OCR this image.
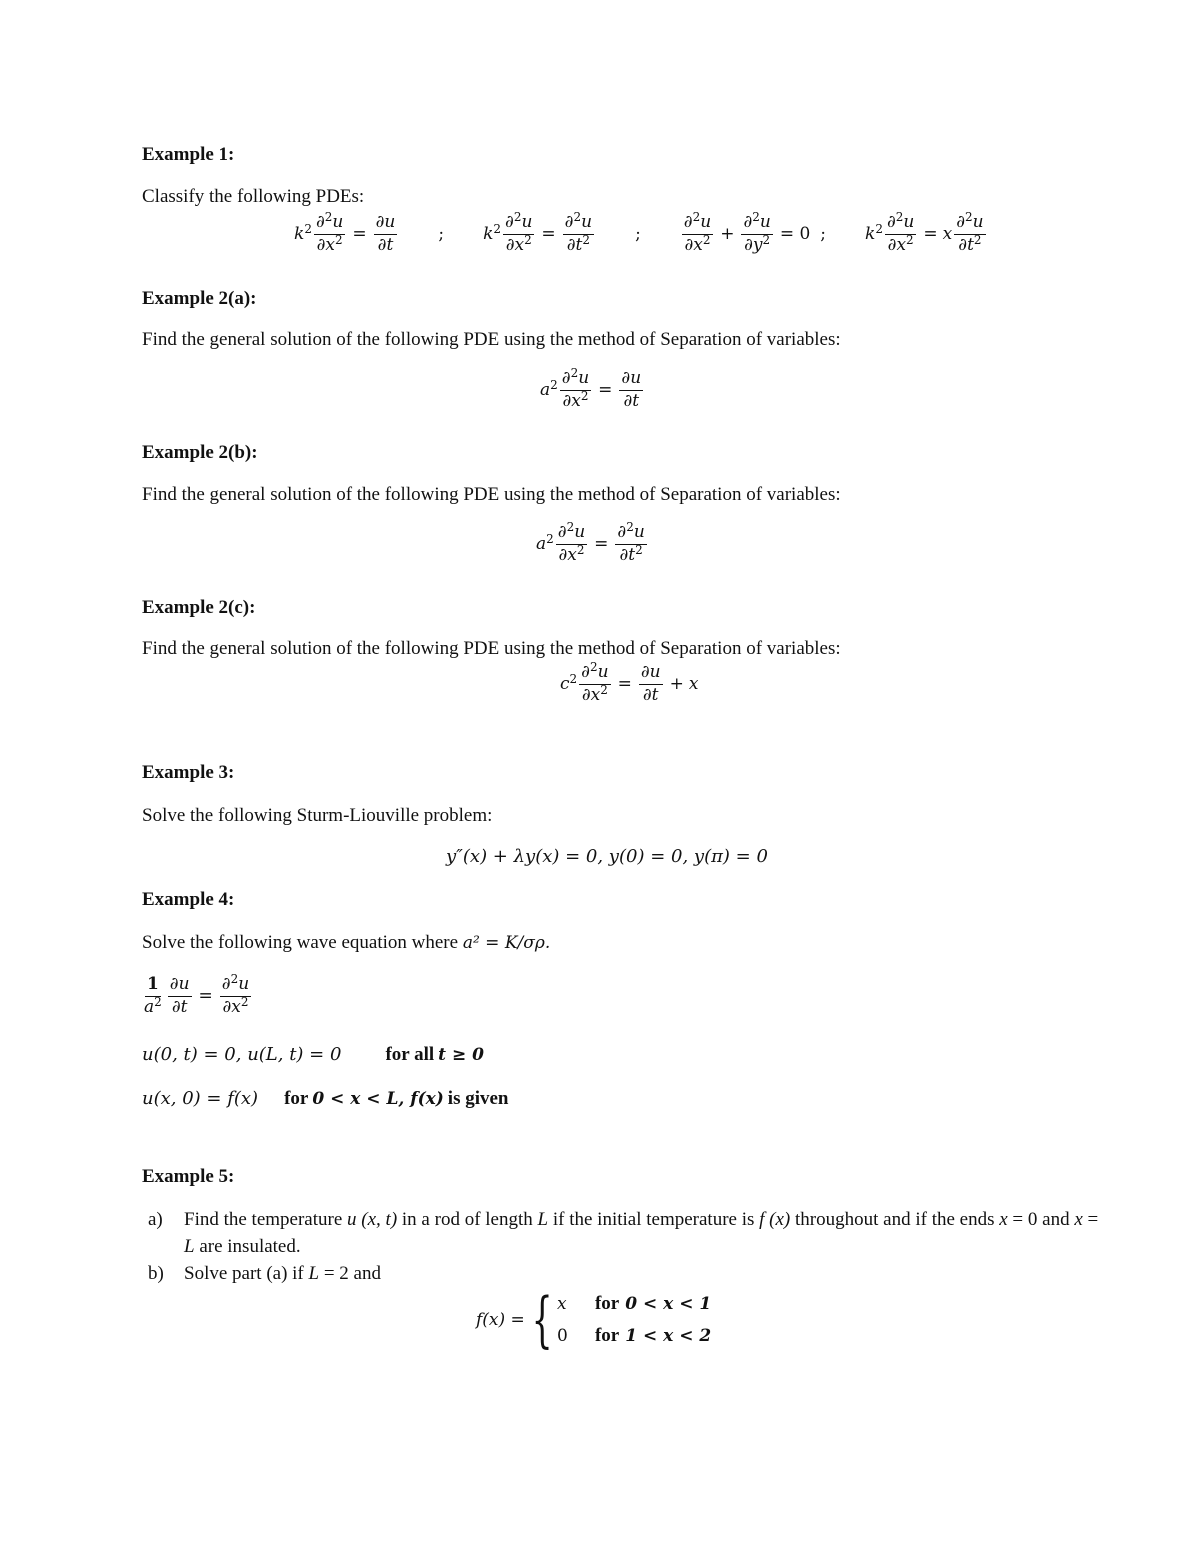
Example 1:
Classify the following PDEs:
$k^2 \frac{\partial^2u}{\partial x^2} = \frac{\partial u}{\partial t}$ ; $k^2 \frac{\partial^2u}{\partial x^2} = \frac{\partial^2u}{\partial t^2}$ ; $\frac{\partial^2u}{\partial x^2} + \frac{\partial^2u}{\partial y^2} = 0$ ; $k^2 \frac{\partial^2u}{\partial x^2} = x \frac{\partial^2u}{\partial t^2}$
Example 2(a):
Find the general solution of the following PDE using the method of Separation of variables:
$a^2 \frac{\partial^2u}{\partial x^2} = \frac{\partial u}{\partial t}$
Example 2(b):
Find the general solution of the following PDE using the method of Separation of variables:
$a^2 \frac{\partial^2u}{\partial x^2} = \frac{\partial^2u}{\partial t^2}$
Example 2(c):
Find the general solution of the following PDE using the method of Separation of variables:
$c^2 \frac{\partial^2u}{\partial x^2} = \frac{\partial u}{\partial t} + x$
Example 3:
Solve the following Sturm-Liouville problem:
y″(x) + λy(x) = 0, y(0) = 0, y(π) = 0
Example 4:
Solve the following wave equation where a² = K/σρ.
$\frac{1}{a^2} \frac{\partial u}{\partial t} = \frac{\partial^2u}{\partial x^2}$
u(0, t) = 0, u(L, t) = 0 for all t ≥ 0
u(x, 0) = f(x) for 0 < x < L, f(x) is given
Example 5:
a) Find the temperature u (x, t) in a rod of length L if the initial temperature is f (x) throughout and if the ends x = 0 and x = L are insulated.
b) Solve part (a) if L = 2 and
f(x) = { x	for 0 < x < 1
0	for 1 < x < 2
